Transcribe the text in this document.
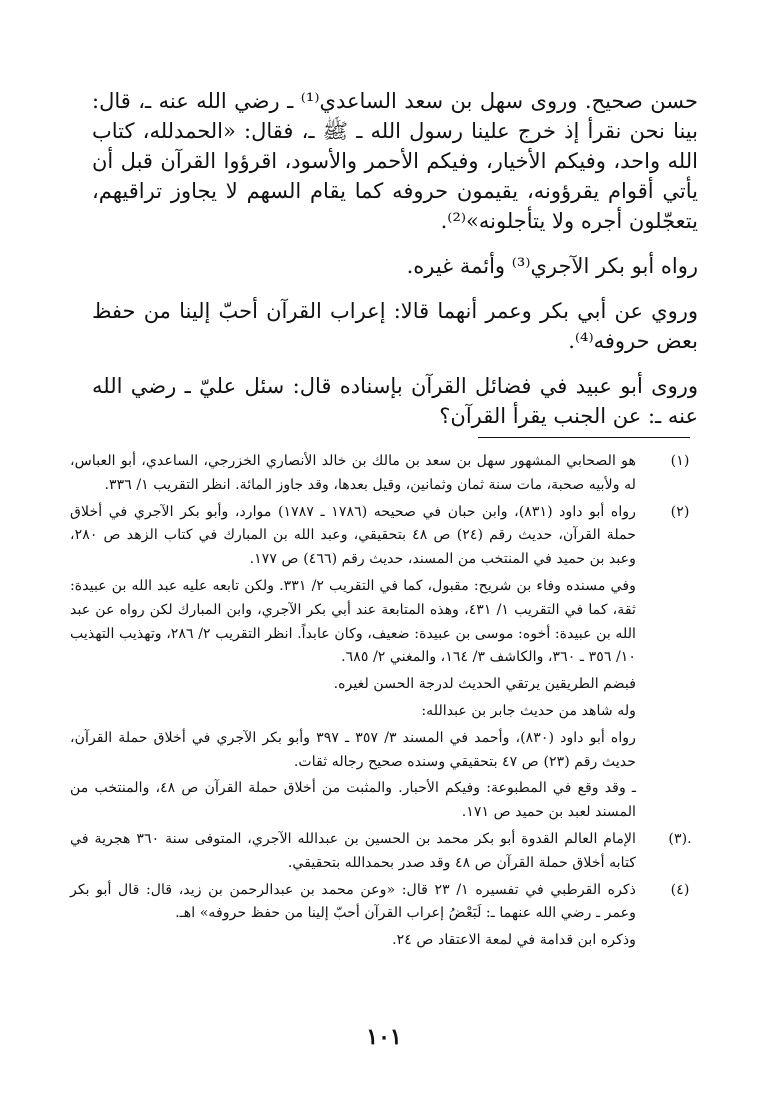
حسن صحيح. وروى سهل بن سعد الساعدي⁽¹⁾ ـ رضي الله عنه ـ، قال: بينا نحن نقرأ إذ خرج علينا رسول الله ـ ﷺ ـ، فقال: «الحمدلله، كتاب الله واحد، وفيكم الأخيار، وفيكم الأحمر والأسود، اقرؤوا القرآن قبل أن يأتي أقوام يقرؤونه، يقيمون حروفه كما يقام السهم لا يجاوز تراقيهم، يتعجّلون أجره ولا يتأجلونه»⁽²⁾.

رواه أبو بكر الآجري⁽³⁾ وأئمة غيره.

وروي عن أبي بكر وعمر أنهما قالا: إعراب القرآن أحبّ إلينا من حفظ بعض حروفه⁽⁴⁾.

وروى أبو عبيد في فضائل القرآن بإسناده قال: سئل عليّ ـ رضي الله عنه ـ: عن الجنب يقرأ القرآن؟

(١)
هو الصحابي المشهور سهل بن سعد بن مالك بن خالد الأنصاري الخزرجي، الساعدي، أبو العباس، له ولأبيه صحبة، مات سنة ثمان وثمانين، وقيل بعدها، وقد جاوز المائة. انظر التقريب ١/ ٣٣٦.
(٢)
رواه أبو داود (٨٣١)، وابن حبان في صحيحه (١٧٨٦ ـ ١٧٨٧) موارد، وأبو بكر الآجري في أخلاق حملة القرآن، حديث رقم (٢٤) ص ٤٨ بتحقيقي، وعبد الله بن المبارك في كتاب الزهد ص ٢٨٠، وعبد بن حميد في المنتخب من المسند، حديث رقم (٤٦٦) ص ١٧٧.
وفي مسنده وفاء بن شريح: مقبول، كما في التقريب ٢/ ٣٣١. ولكن تابعه عليه عبد الله بن عبيدة: ثقة، كما في التقريب ١/ ٤٣١، وهذه المتابعة عند أبي بكر الآجري، وابن المبارك لكن رواه عن عبد الله بن عبيدة: أخوه: موسى بن عبيدة: ضعيف، وكان عابداً. انظر التقريب ٢/ ٢٨٦، وتهذيب التهذيب ١٠/ ٣٥٦ ـ ٣٦٠، والكاشف ٣/ ١٦٤، والمغني ٢/ ٦٨٥.
فبضم الطريقين يرتقي الحديث لدرجة الحسن لغيره.
وله شاهد من حديث جابر بن عبدالله:
رواه أبو داود (٨٣٠)، وأحمد في المسند ٣/ ٣٥٧ ـ ٣٩٧ وأبو بكر الآجري في أخلاق حملة القرآن، حديث رقم (٢٣) ص ٤٧ بتحقيقي وسنده صحيح رجاله ثقات.
ـ وقد وقع في المطبوعة: وفيكم الأحبار. والمثبت من أخلاق حملة القرآن ص ٤٨، والمنتخب من المسند لعبد بن حميد ص ١٧١.
.(٣)
الإمام العالم القدوة أبو بكر محمد بن الحسين بن عبدالله الآجري، المتوفى سنة ٣٦٠ هجرية في كتابه أخلاق حملة القرآن ص ٤٨ وقد صدر بحمدالله بتحقيقي.
(٤)
ذكره القرطبي في تفسيره ١/ ٢٣ قال: «وعن محمد بن عبدالرحمن بن زيد، قال: قال أبو بكر وعمر ـ رضي الله عنهما ـ: لَبَعْضُ إعراب القرآن أحبّ إلينا من حفظ حروفه» اهـ.
وذكره ابن قدامة في لمعة الاعتقاد ص ٢٤.
١٠١
